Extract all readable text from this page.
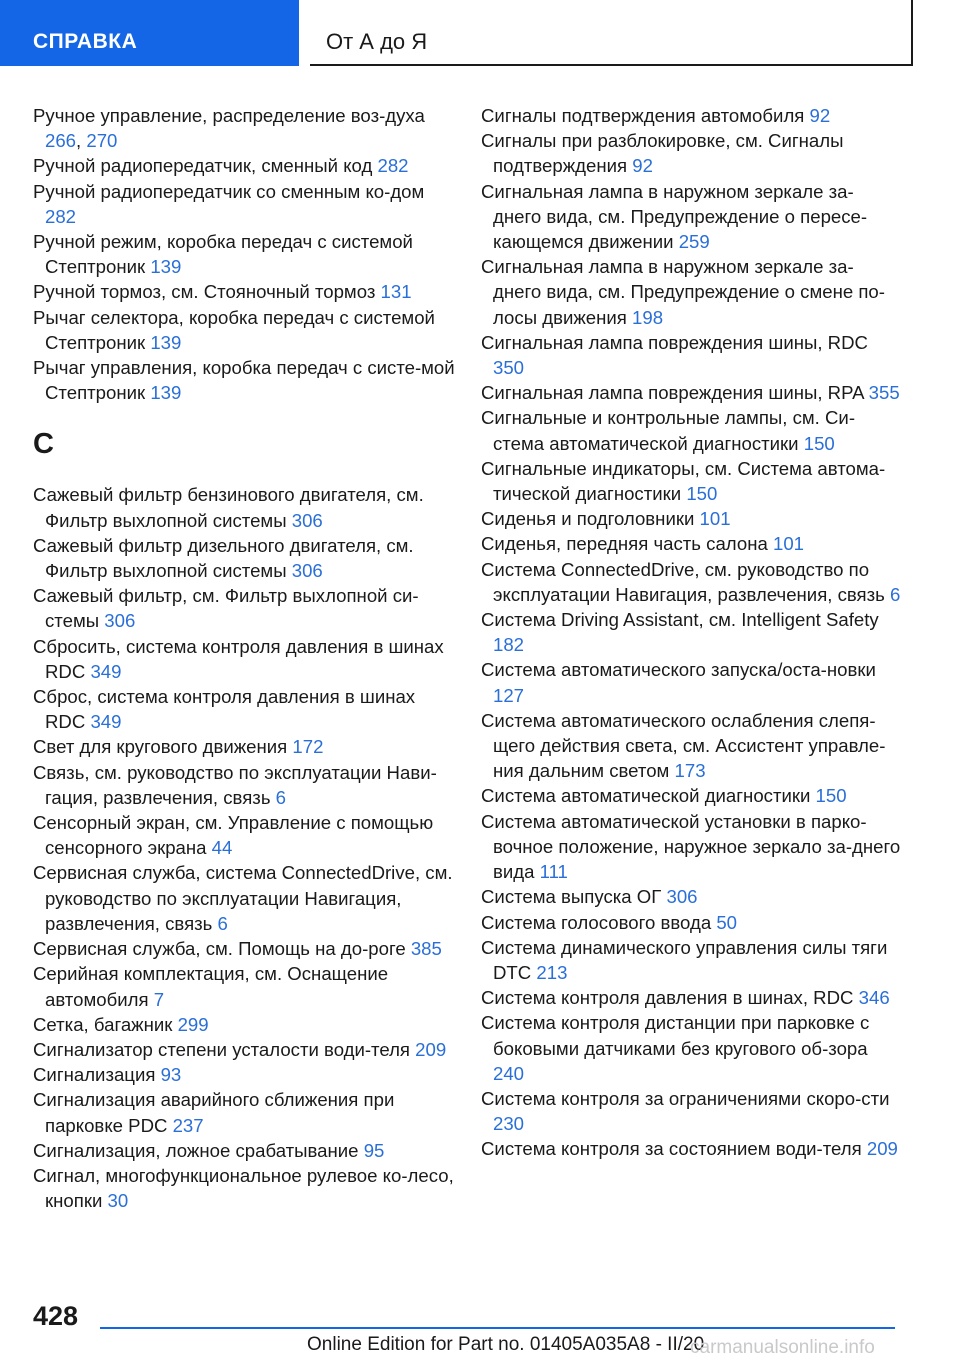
СПРАВКА	От А до Я

Ручное управление, распределение воз-духа 266, 270

Ручной радиопередатчик, сменный код 282

Ручной радиопередатчик со сменным ко-дом 282

Ручной режим, коробка передач с системой Стептроник 139

Ручной тормоз, см. Стояночный тормоз 131

Рычаг селектора, коробка передач с системой Стептроник 139

Рычаг управления, коробка передач с систе-мой Стептроник 139

С

Сажевый фильтр бензинового двигателя, см. Фильтр выхлопной системы 306

Сажевый фильтр дизельного двигателя, см. Фильтр выхлопной системы 306

Сажевый фильтр, см. Фильтр выхлопной си-стемы 306

Сбросить, система контроля давления в шинах RDC 349

Сброс, система контроля давления в шинах RDC 349

Свет для кругового движения 172

Связь, см. руководство по эксплуатации Нави-гация, развлечения, связь 6

Сенсорный экран, см. Управление с помощью сенсорного экрана 44

Сервисная служба, система ConnectedDrive, см. руководство по эксплуатации Навигация, развлечения, связь 6

Сервисная служба, см. Помощь на до-роге 385

Серийная комплектация, см. Оснащение автомобиля 7

Сетка, багажник 299

Сигнализатор степени усталости води-теля 209

Сигнализация 93

Сигнализация аварийного сближения при парковке PDC 237

Сигнализация, ложное срабатывание 95

Сигнал, многофункциональное рулевое ко-лесо, кнопки 30

Сигналы подтверждения автомобиля 92

Сигналы при разблокировке, см. Сигналы подтверждения 92

Сигнальная лампа в наружном зеркале за-днего вида, см. Предупреждение о пересе-кающемся движении 259

Сигнальная лампа в наружном зеркале за-днего вида, см. Предупреждение о смене по-лосы движения 198

Сигнальная лампа повреждения шины, RDC 350

Сигнальная лампа повреждения шины, RPA 355

Сигнальные и контрольные лампы, см. Си-стема автоматической диагностики 150

Сигнальные индикаторы, см. Система автома-тической диагностики 150

Сиденья и подголовники 101

Сиденья, передняя часть салона 101

Система ConnectedDrive, см. руководство по эксплуатации Навигация, развлечения, связь 6

Система Driving Assistant, см. Intelligent Safety 182

Система автоматического запуска/оста-новки 127

Система автоматического ослабления слепя-щего действия света, см. Ассистент управле-ния дальним светом 173

Система автоматической диагностики 150

Система автоматической установки в парко-вочное положение, наружное зеркало за-днего вида 111

Система выпуска ОГ 306

Система голосового ввода 50

Система динамического управления силы тяги DTC 213

Система контроля давления в шинах, RDC 346

Система контроля дистанции при парковке с боковыми датчиками без кругового об-зора 240

Система контроля за ограничениями скоро-сти 230

Система контроля за состоянием води-теля 209

428
Online Edition for Part no. 01405A035A8 - II/20
carmanualsonline.info
